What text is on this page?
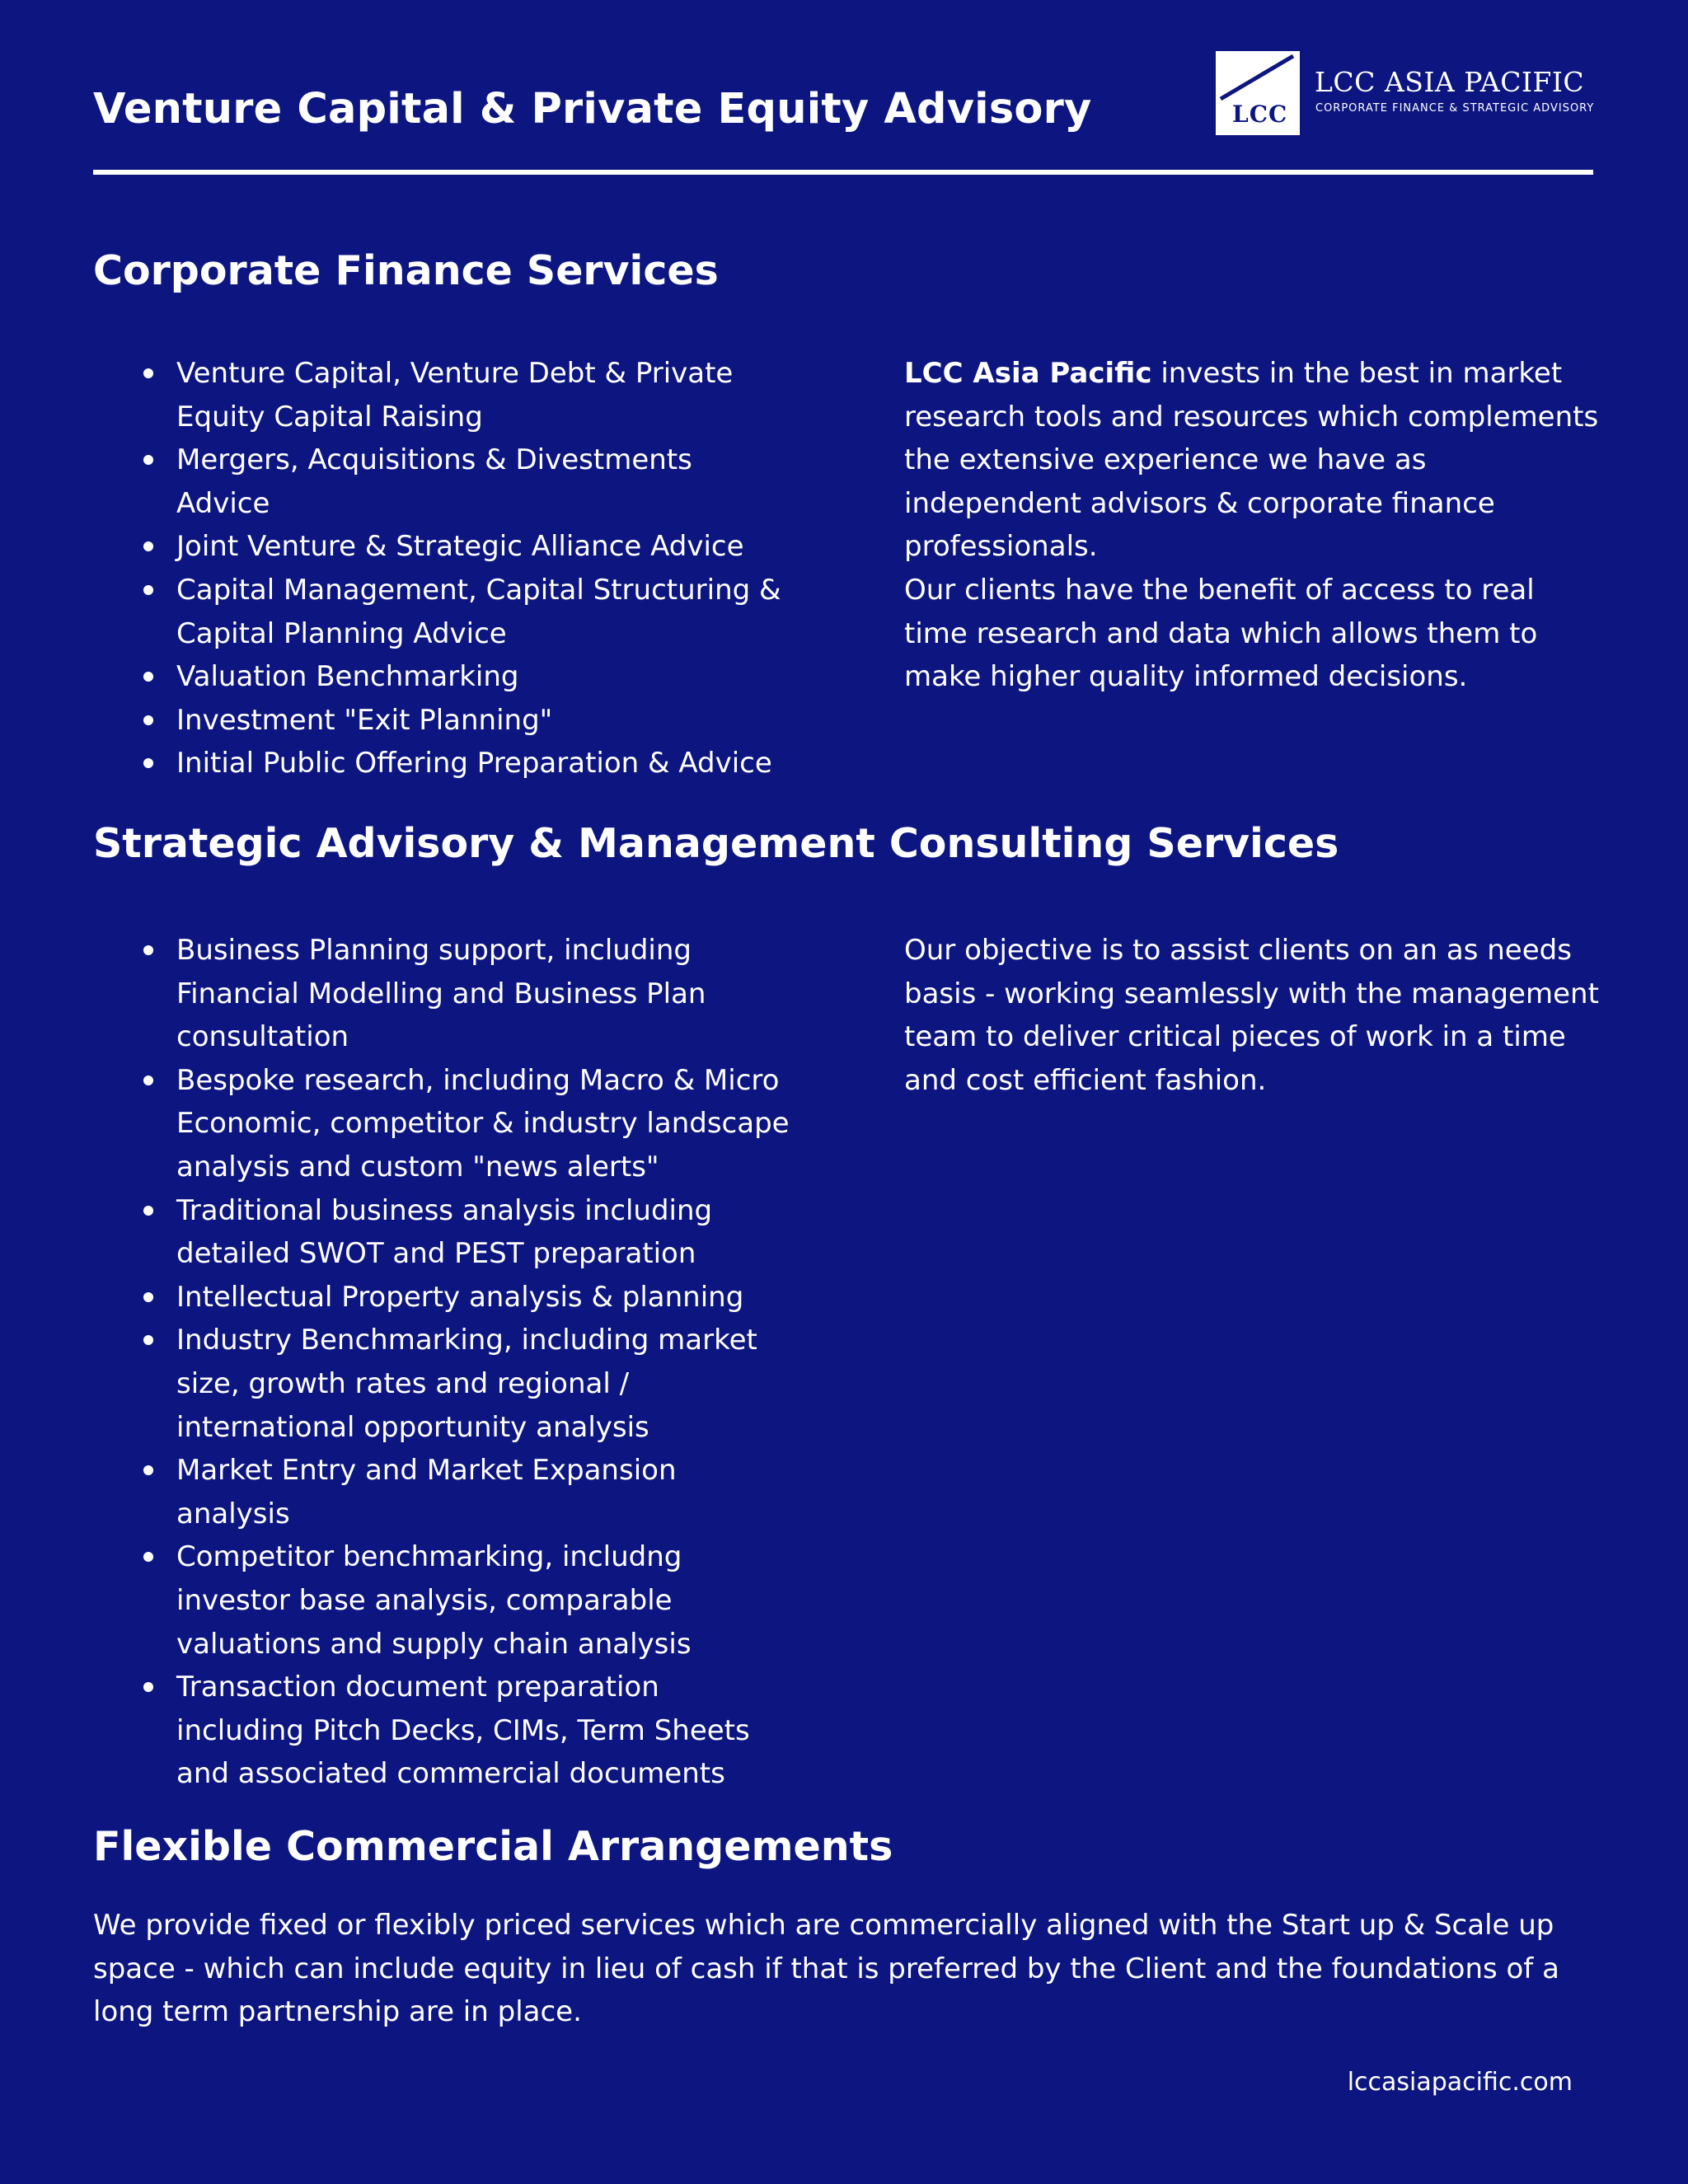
Venture Capital & Private Equity Advisory	LCC
LCC ASIA PACIFIC
CORPORATE FINANCE & STRATEGIC ADVISORY
Corporate Finance Services
Venture Capital, Venture Debt & Private Equity Capital Raising
Mergers, Acquisitions & Divestments Advice
Joint Venture & Strategic Alliance Advice
Capital Management, Capital Structuring & Capital Planning Advice
Valuation Benchmarking
Investment "Exit Planning"
Initial Public Offering Preparation & Advice

LCC Asia Pacific invests in the best in market research tools and resources which complements the extensive experience we have as independent advisors & corporate finance professionals.

Our clients have the benefit of access to real time research and data which allows them to make higher quality informed decisions.

Strategic Advisory & Management Consulting Services
Business Planning support, including Financial Modelling and Business Plan consultation
Bespoke research, including Macro & Micro Economic, competitor & industry landscape analysis and custom "news alerts"
Traditional business analysis including detailed SWOT and PEST preparation
Intellectual Property analysis & planning
Industry Benchmarking, including market size, growth rates and regional / international opportunity analysis
Market Entry and Market Expansion analysis
Competitor benchmarking, includng investor base analysis, comparable valuations and supply chain analysis
Transaction document preparation including Pitch Decks, CIMs, Term Sheets and associated commercial documents

Our objective is to assist clients on an as needs basis - working seamlessly with the management team to deliver critical pieces of work in a time and cost efficient fashion.

Flexible Commercial Arrangements

We provide fixed or flexibly priced services which are commercially aligned with the Start up & Scale up space - which can include equity in lieu of cash if that is preferred by the Client and the foundations of a long term partnership are in place.

lccasiapacific.com
